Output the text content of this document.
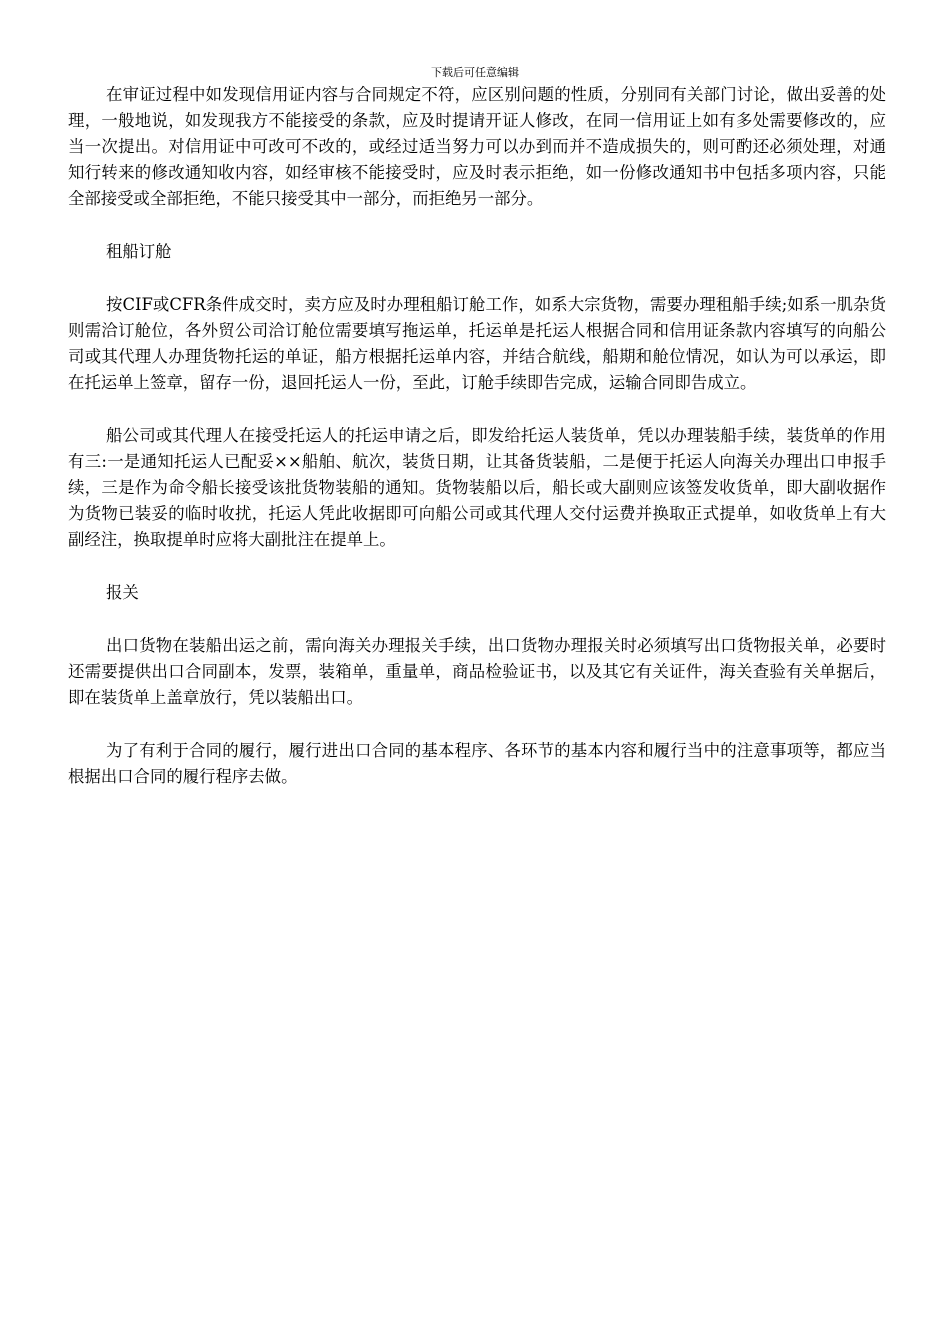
下载后可任意编辑

在审证过程中如发现信用证内容与合同规定不符，应区别问题的性质，分别同有关部门讨论，做出妥善的处理，一般地说，如发现我方不能接受的条款，应及时提请开证人修改，在同一信用证上如有多处需要修改的，应当一次提出。对信用证中可改可不改的，或经过适当努力可以办到而并不造成损失的，则可酌还必须处理，对通知行转来的修改通知收内容，如经审核不能接受时，应及时表示拒绝，如一份修改通知书中包括多项内容，只能全部接受或全部拒绝，不能只接受其中一部分，而拒绝另一部分。

租船订舱

按CIF或CFR条件成交时，卖方应及时办理租船订舱工作，如系大宗货物，需要办理租船手续;如系一肌杂货则需洽订舱位，各外贸公司洽订舱位需要填写拖运单，托运单是托运人根据合同和信用证条款内容填写的向船公司或其代理人办理货物托运的单证，船方根据托运单内容，并结合航线，船期和舱位情况，如认为可以承运，即在托运单上签章，留存一份，退回托运人一份，至此，订舱手续即告完成，运输合同即告成立。

船公司或其代理人在接受托运人的托运申请之后，即发给托运人装货单，凭以办理装船手续，装货单的作用有三:一是通知托运人已配妥××船舶、航次，装货日期，让其备货装船，二是便于托运人向海关办理出口申报手续，三是作为命令船长接受该批货物装船的通知。货物装船以后，船长或大副则应该签发收货单，即大副收据作为货物已装妥的临时收扰，托运人凭此收据即可向船公司或其代理人交付运费并换取正式提单，如收货单上有大副经注，换取提单时应将大副批注在提单上。

报关

出口货物在装船出运之前，需向海关办理报关手续，出口货物办理报关时必须填写出口货物报关单，必要时还需要提供出口合同副本，发票，装箱单，重量单，商品检验证书，以及其它有关证件，海关查验有关单据后，即在装货单上盖章放行，凭以装船出口。

为了有利于合同的履行，履行进出口合同的基本程序、各环节的基本内容和履行当中的注意事项等，都应当根据出口合同的履行程序去做。
